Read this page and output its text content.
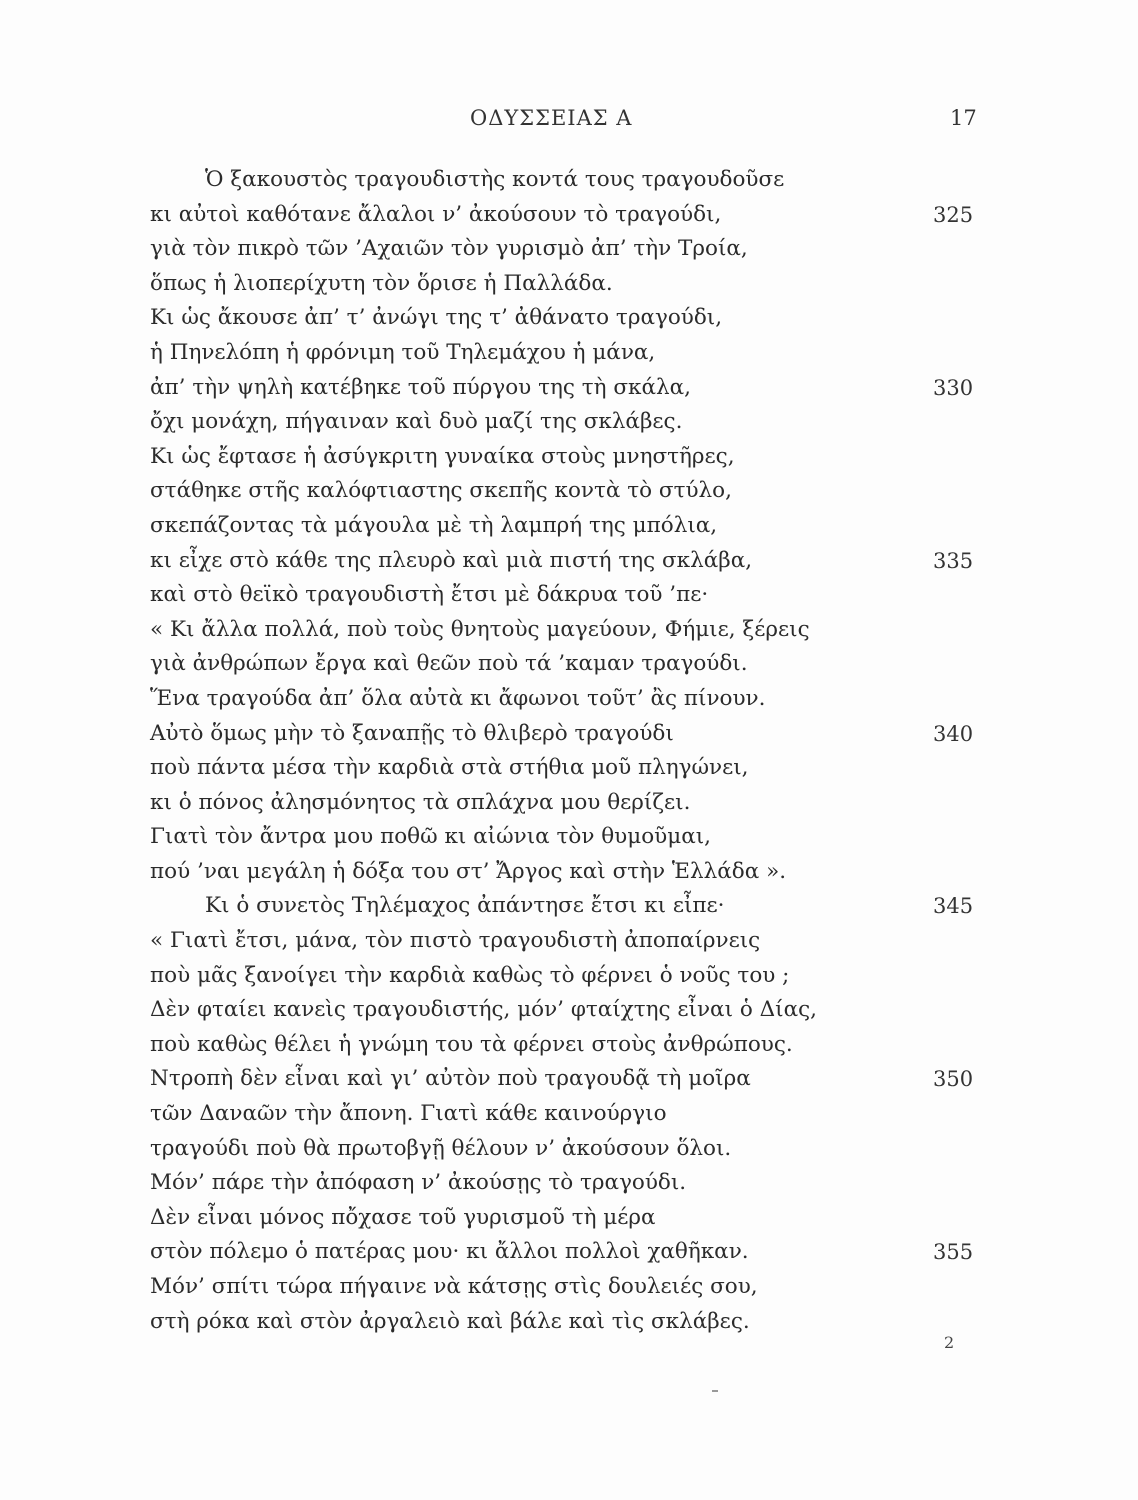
ΟΔΥΣΣΕΙΑΣ Α	17
Ὁ ξακουστὸς τραγουδιστὴς κοντά τους τραγουδοῦσε
κι αὐτοὶ καθότανε ἄλαλοι ν’ ἀκούσουν τὸ τραγούδι,	325
γιὰ τὸν πικρὸ τῶν ’Αχαιῶν τὸν γυρισμὸ ἀπ’ τὴν Τροία,
ὅπως ἡ λιοπερίχυτη τὸν ὅρισε ἡ Παλλάδα.
Κι ὡς ἄκουσε ἀπ’ τ’ ἀνώγι της τ’ ἀθάνατο τραγούδι,
ἡ Πηνελόπη ἡ φρόνιμη τοῦ Τηλεμάχου ἡ μάνα,
ἀπ’ τὴν ψηλὴ κατέβηκε τοῦ πύργου της τὴ σκάλα,	330
ὄχι μονάχη, πήγαιναν καὶ δυὸ μαζί της σκλάβες.
Κι ὡς ἔφτασε ἡ ἀσύγκριτη γυναίκα στοὺς μνηστῆρες,
στάθηκε στῆς καλόφτιαστης σκεπῆς κοντὰ τὸ στύλο,
σκεπάζοντας τὰ μάγουλα μὲ τὴ λαμπρή της μπόλια,
κι εἶχε στὸ κάθε της πλευρὸ καὶ μιὰ πιστή της σκλάβα,	335
καὶ στὸ θεϊκὸ τραγουδιστὴ ἔτσι μὲ δάκρυα τοῦ ’πε·
« Κι ἄλλα πολλά, ποὺ τοὺς θνητοὺς μαγεύουν, Φήμιε, ξέρεις
γιὰ ἀνθρώπων ἔργα καὶ θεῶν ποὺ τά ’καμαν τραγούδι.
Ἕνα τραγούδα ἀπ’ ὅλα αὐτὰ κι ἄφωνοι τοῦτ’ ἂς πίνουν.
Αὐτὸ ὅμως μὴν τὸ ξαναπῇς τὸ θλιβερὸ τραγούδι	340
ποὺ πάντα μέσα τὴν καρδιὰ στὰ στήθια μοῦ πληγώνει,
κι ὁ πόνος ἀλησμόνητος τὰ σπλάχνα μου θερίζει.
Γιατὶ τὸν ἄντρα μου ποθῶ κι αἰώνια τὸν θυμοῦμαι,
πού ’ναι μεγάλη ἡ δόξα του στ’ Ἄργος καὶ στὴν Ἑλλάδα ».
Κι ὁ συνετὸς Τηλέμαχος ἀπάντησε ἔτσι κι εἶπε·	345
« Γιατὶ ἔτσι, μάνα, τὸν πιστὸ τραγουδιστὴ ἀποπαίρνεις
ποὺ μᾶς ξανοίγει τὴν καρδιὰ καθὼς τὸ φέρνει ὁ νοῦς του ;
Δὲν φταίει κανεὶς τραγουδιστής, μόν’ φταίχτης εἶναι ὁ Δίας,
ποὺ καθὼς θέλει ἡ γνώμη του τὰ φέρνει στοὺς ἀνθρώπους.
Ντροπὴ δὲν εἶναι καὶ γι’ αὐτὸν ποὺ τραγουδᾷ τὴ μοῖρα	350
τῶν Δαναῶν τὴν ἄπονη. Γιατὶ κάθε καινούργιο
τραγούδι ποὺ θὰ πρωτοβγῇ θέλουν ν’ ἀκούσουν ὅλοι.
Μόν’ πάρε τὴν ἀπόφαση ν’ ἀκούσῃς τὸ τραγούδι.
Δὲν εἶναι μόνος πὄχασε τοῦ γυρισμοῦ τὴ μέρα
στὸν πόλεμο ὁ πατέρας μου· κι ἄλλοι πολλοὶ χαθῆκαν.	355
Μόν’ σπίτι τώρα πήγαινε νὰ κάτσῃς στὶς δουλειές σου,
στὴ ρόκα καὶ στὸν ἀργαλειὸ καὶ βάλε καὶ τὶς σκλάβες.
2
